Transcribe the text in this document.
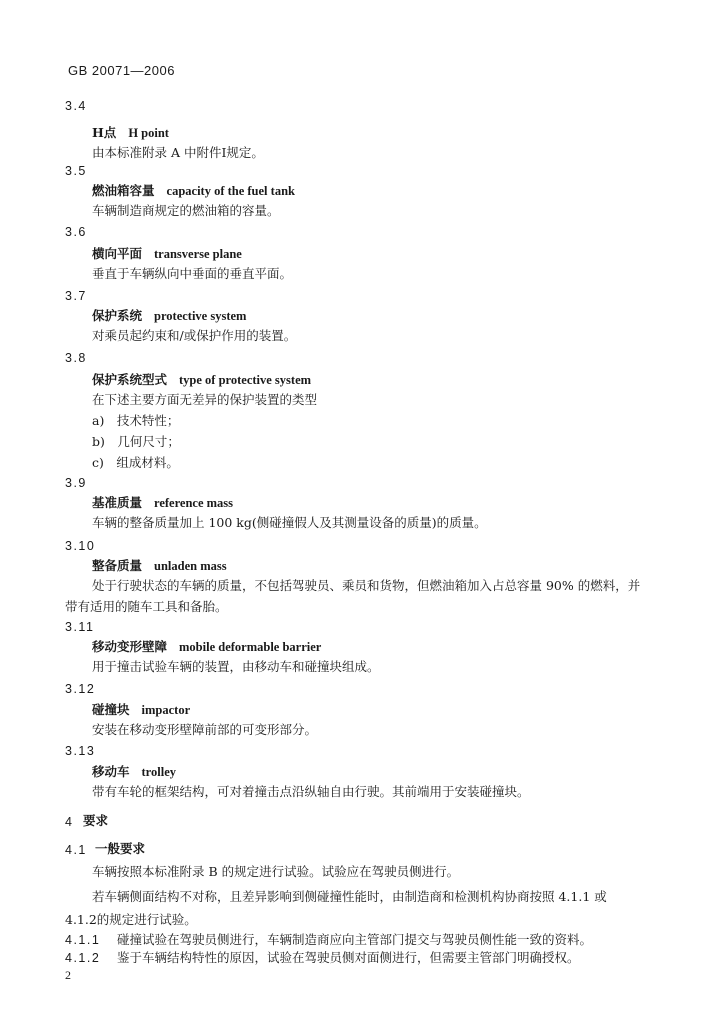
GB 20071—2006
3.4
H点 H point
由本标准附录 A 中附件Ⅰ规定。
3.5
燃油箱容量 capacity of the fuel tank
车辆制造商规定的燃油箱的容量。
3.6
横向平面 transverse plane
垂直于车辆纵向中垂面的垂直平面。
3.7
保护系统 protective system
对乘员起约束和/或保护作用的装置。
3.8
保护系统型式 type of protective system
在下述主要方面无差异的保护装置的类型
a)　技术特性；
b)　几何尺寸；
c)　组成材料。
3.9
基准质量 reference mass
车辆的整备质量加上 100 kg(侧碰撞假人及其测量设备的质量)的质量。
3.10
整备质量 unladen mass
处于行驶状态的车辆的质量，不包括驾驶员、乘员和货物，但燃油箱加入占总容量 90% 的燃料，并
带有适用的随车工具和备胎。
3.11
移动变形壁障 mobile deformable barrier
用于撞击试验车辆的装置，由移动车和碰撞块组成。
3.12
碰撞块 impactor
安装在移动变形壁障前部的可变形部分。
3.13
移动车 trolley
带有车轮的框架结构，可对着撞击点沿纵轴自由行驶。其前端用于安装碰撞块。
4 要求
4.1 一般要求
车辆按照本标准附录 B 的规定进行试验。试验应在驾驶员侧进行。
若车辆侧面结构不对称，且差异影响到侧碰撞性能时，由制造商和检测机构协商按照 4.1.1 或
4.1.2的规定进行试验。
4.1.1 碰撞试验在驾驶员侧进行，车辆制造商应向主管部门提交与驾驶员侧性能一致的资料。
4.1.2 鉴于车辆结构特性的原因，试验在驾驶员侧对面侧进行，但需要主管部门明确授权。
2
